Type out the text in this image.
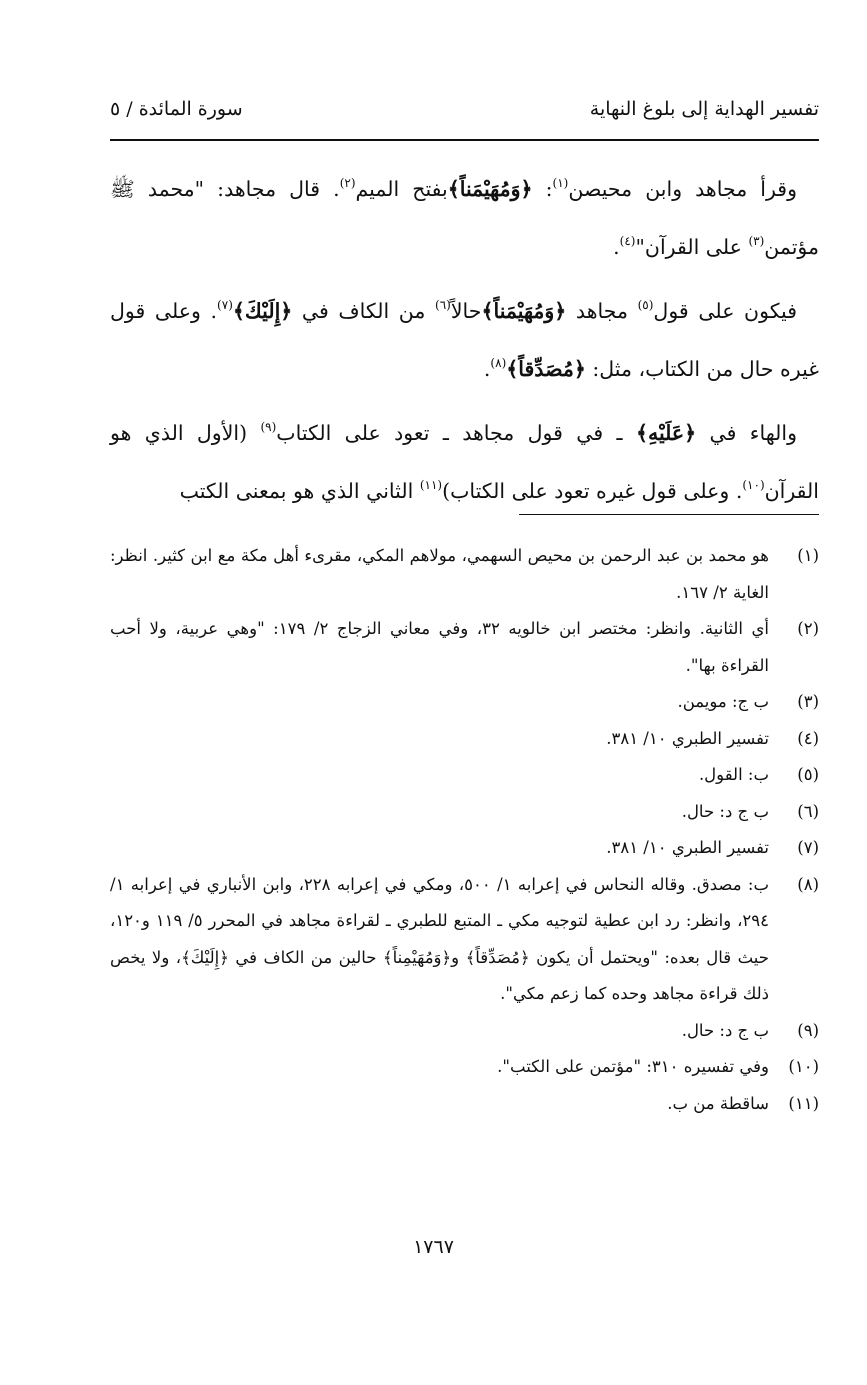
تفسير الهداية إلى بلوغ النهاية
سورة المائدة / ٥

وقرأ مجاهد وابن محيصن$^{(١)}$: ﴿وَمُهَيْمَناً﴾بفتح الميم$^{(٢)}$. قال مجاهد: "محمد ﷺ مؤتمن$^{(٣)}$ على القرآن"$^{(٤)}$.

فيكون على قول$^{(٥)}$ مجاهد ﴿وَمُهَيْمَناً﴾حالاً$^{(٦)}$ من الكاف في ﴿إِلَيْكَ﴾$^{(٧)}$. وعلى قول غيره حال من الكتاب، مثل: ﴿مُصَدِّقاً﴾$^{(٨)}$.

والهاء في ﴿عَلَيْهِ﴾ ـ في قول مجاهد ـ تعود على الكتاب$^{(٩)}$ (الأول الذي هو القرآن$^{(١٠)}$. وعلى قول غيره تعود على الكتاب)$^{(١١)}$ الثاني الذي هو بمعنى الكتب

(١)
هو محمد بن عبد الرحمن بن محيص السهمي، مولاهم المكي، مقرىء أهل مكة مع ابن كثير. انظر: الغاية ٢/ ١٦٧.
(٢)
أي الثانية. وانظر: مختصر ابن خالويه ٣٢، وفي معاني الزجاج ٢/ ١٧٩: "وهي عربية، ولا أحب القراءة بها".
(٣)
ب ج: مويمن.
(٤)
تفسير الطبري ١٠/ ٣٨١.
(٥)
ب: القول.
(٦)
ب ج د: حال.
(٧)
تفسير الطبري ١٠/ ٣٨١.
(٨)
ب: مصدق. وقاله النحاس في إعرابه ١/ ٥٠٠، ومكي في إعرابه ٢٢٨، وابن الأنباري في إعرابه ١/ ٢٩٤، وانظر: رد ابن عطية لتوجيه مكي ـ المتبع للطبري ـ لقراءة مجاهد في المحرر ٥/ ١١٩ و١٢٠، حيث قال بعده: "ويحتمل أن يكون ﴿مُصَدِّقاً﴾ و﴿وَمُهَيْمِناً﴾ حالين من الكاف في ﴿إِلَيْكَ﴾، ولا يخص ذلك قراءة مجاهد وحده كما زعم مكي".
(٩)
ب ج د: حال.
(١٠)
وفي تفسيره ٣١٠: "مؤتمن على الكتب".
(١١)
ساقطة من ب.
١٧٦٧
